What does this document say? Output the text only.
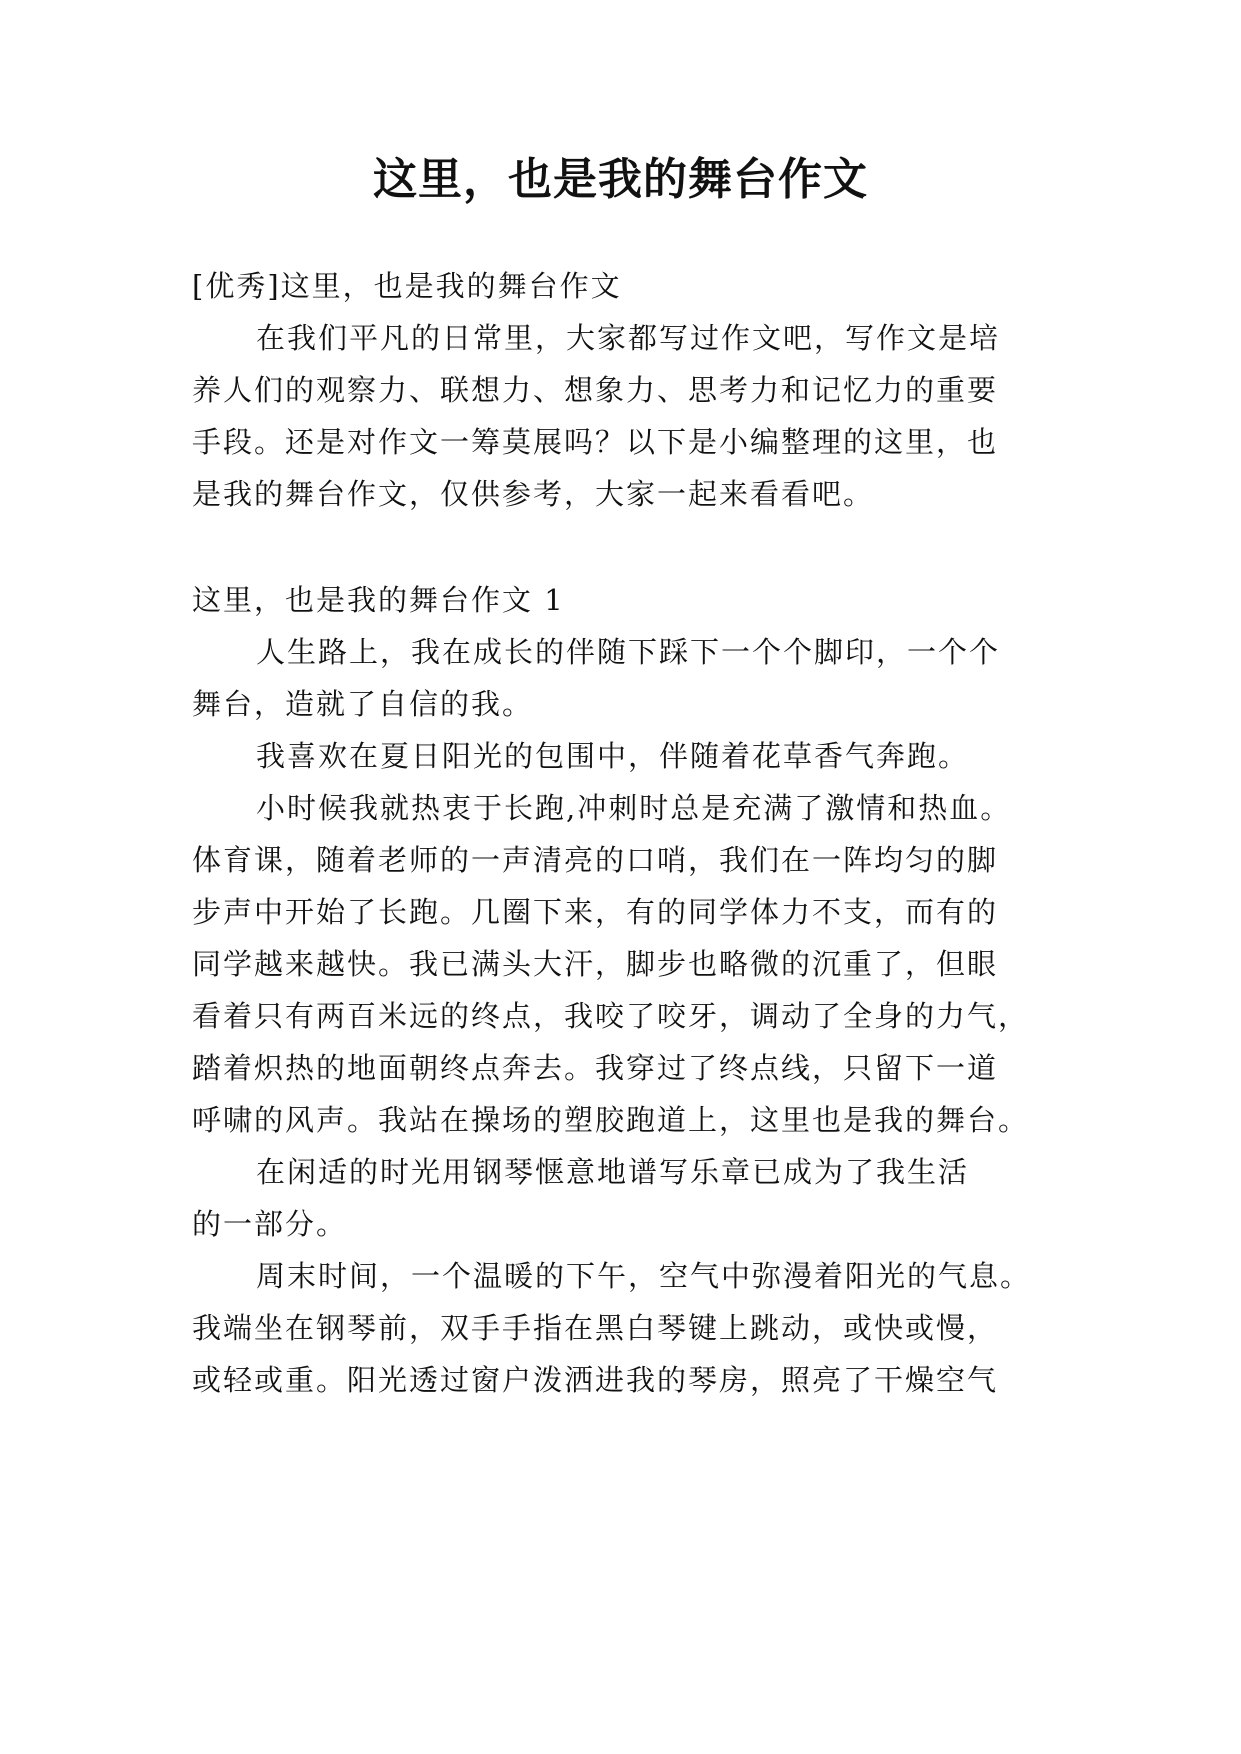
这里，也是我的舞台作文

[优秀]这里，也是我的舞台作文

在我们平凡的日常里，大家都写过作文吧，写作文是培

养人们的观察力、联想力、想象力、思考力和记忆力的重要

手段。还是对作文一筹莫展吗？以下是小编整理的这里，也

是我的舞台作文，仅供参考，大家一起来看看吧。

这里，也是我的舞台作文 1

人生路上，我在成长的伴随下踩下一个个脚印，一个个

舞台，造就了自信的我。

我喜欢在夏日阳光的包围中，伴随着花草香气奔跑。

小时候我就热衷于长跑,冲刺时总是充满了激情和热血。

体育课，随着老师的一声清亮的口哨，我们在一阵均匀的脚

步声中开始了长跑。几圈下来，有的同学体力不支，而有的

同学越来越快。我已满头大汗，脚步也略微的沉重了，但眼

看着只有两百米远的终点，我咬了咬牙，调动了全身的力气，

踏着炽热的地面朝终点奔去。我穿过了终点线，只留下一道

呼啸的风声。我站在操场的塑胶跑道上，这里也是我的舞台。

在闲适的时光用钢琴惬意地谱写乐章已成为了我生活

的一部分。

周末时间，一个温暖的下午，空气中弥漫着阳光的气息。

我端坐在钢琴前，双手手指在黑白琴键上跳动，或快或慢，

或轻或重。阳光透过窗户泼洒进我的琴房，照亮了干燥空气
